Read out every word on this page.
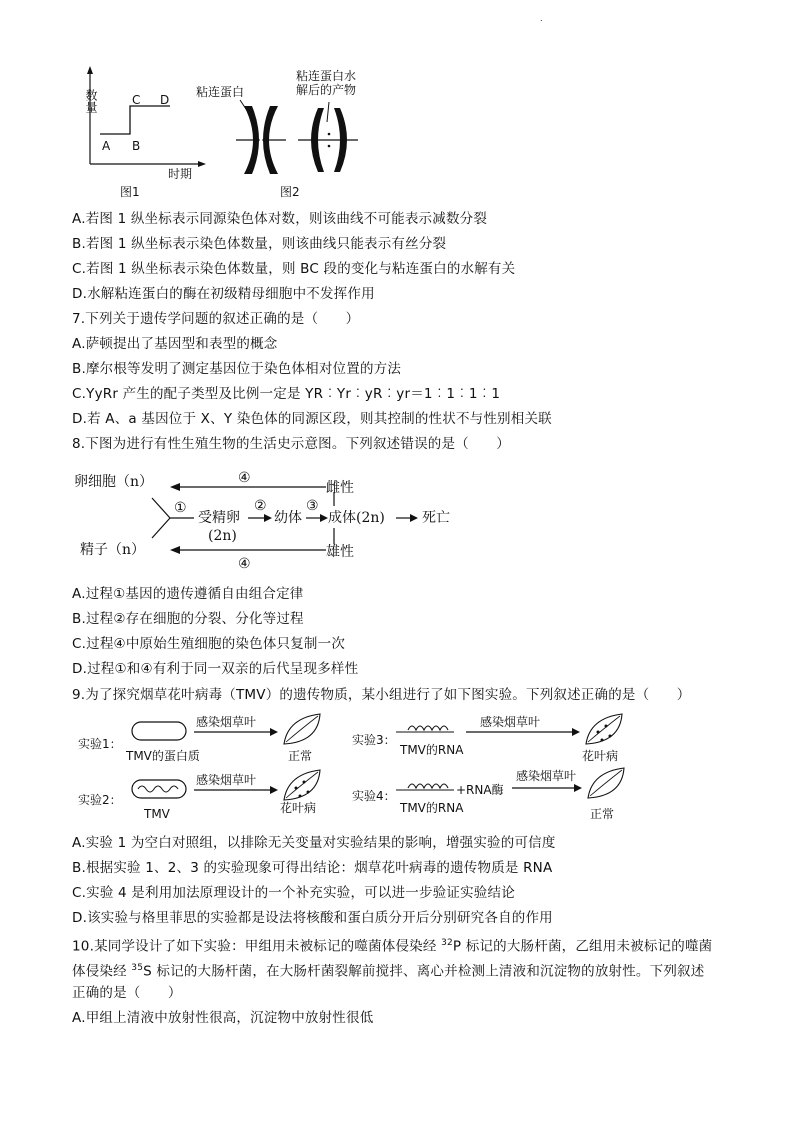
.
数量
A B
C D
时期
图1
粘连蛋白
粘连蛋白水
解后的产物
图2
A.若图 1 纵坐标表示同源染色体对数，则该曲线不可能表示减数分裂
B.若图 1 纵坐标表示染色体数量，则该曲线只能表示有丝分裂
C.若图 1 纵坐标表示染色体数量，则 BC 段的变化与粘连蛋白的水解有关
D.水解粘连蛋白的酶在初级精母细胞中不发挥作用
7.下列关于遗传学问题的叙述正确的是（　　）
A.萨顿提出了基因型和表型的概念
B.摩尔根等发明了测定基因位于染色体相对位置的方法
C.YyRr 产生的配子类型及比例一定是 YR︰Yr︰yR︰yr＝1︰1︰1︰1
D.若 A、a 基因位于 X、Y 染色体的同源区段，则其控制的性状不与性别相关联
8.下图为进行有性生殖生物的生活史示意图。下列叙述错误的是（　　）
④
④
卵细胞（n）
精子（n）
①
受精卵
(2n)
②
幼体
③
成体(2n)
雌性
雄性
死亡
A.过程①基因的遗传遵循自由组合定律
B.过程②存在细胞的分裂、分化等过程
C.过程④中原始生殖细胞的染色体只复制一次
D.过程①和④有利于同一双亲的后代呈现多样性
9.为了探究烟草花叶病毒（TMV）的遗传物质，某小组进行了如下图实验。下列叙述正确的是（　　）
实验1：
TMV的蛋白质
感染烟草叶
正常
实验2：
TMV
感染烟草叶
花叶病
实验3：
TMV的RNA
感染烟草叶
花叶病
实验4：	+RNA酶
TMV的RNA
感染烟草叶
正常
A.实验 1 为空白对照组，以排除无关变量对实验结果的影响，增强实验的可信度
B.根据实验 1、2、3 的实验现象可得出结论：烟草花叶病毒的遗传物质是 RNA
C.实验 4 是利用加法原理设计的一个补充实验，可以进一步验证实验结论
D.该实验与格里菲思的实验都是设法将核酸和蛋白质分开后分别研究各自的作用
10.某同学设计了如下实验：甲组用未被标记的噬菌体侵染经 $^{32}$P 标记的大肠杆菌，乙组用未被标记的噬菌
体侵染经 $^{35}$S 标记的大肠杆菌，在大肠杆菌裂解前搅拌、离心并检测上清液和沉淀物的放射性。下列叙述
正确的是（　　）
A.甲组上清液中放射性很高，沉淀物中放射性很低
